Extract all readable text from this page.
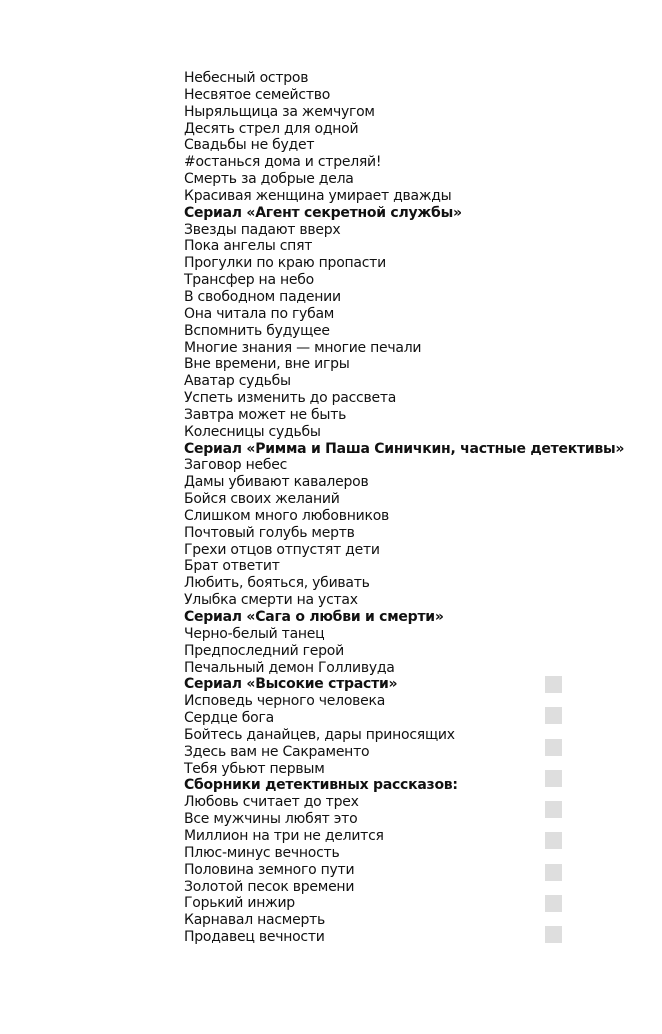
Небесный остров
Несвятое семейство
Ныряльщица за жемчугом
Десять стрел для одной
Свадьбы не будет
#останься дома и стреляй!
Смерть за добрые дела
Красивая женщина умирает дважды
Сериал «Агент секретной службы»
Звезды падают вверх
Пока ангелы спят
Прогулки по краю пропасти
Трансфер на небо
В свободном падении
Она читала по губам
Вспомнить будущее
Многие знания — многие печали
Вне времени, вне игры
Аватар судьбы
Успеть изменить до рассвета
Завтра может не быть
Колесницы судьбы
Сериал «Римма и Паша Синичкин, частные детективы»
Заговор небес
Дамы убивают кавалеров
Бойся своих желаний
Слишком много любовников
Почтовый голубь мертв
Грехи отцов отпустят дети
Брат ответит
Любить, бояться, убивать
Улыбка смерти на устах
Сериал «Сага о любви и смерти»
Черно-белый танец
Предпоследний герой
Печальный демон Голливуда
Сериал «Высокие страсти»
Исповедь черного человека
Сердце бога
Бойтесь данайцев, дары приносящих
Здесь вам не Сакраменто
Тебя убьют первым
Сборники детективных рассказов:
Любовь считает до трех
Все мужчины любят это
Миллион на три не делится
Плюс-минус вечность
Половина земного пути
Золотой песок времени
Горький инжир
Карнавал насмерть
Продавец вечности
